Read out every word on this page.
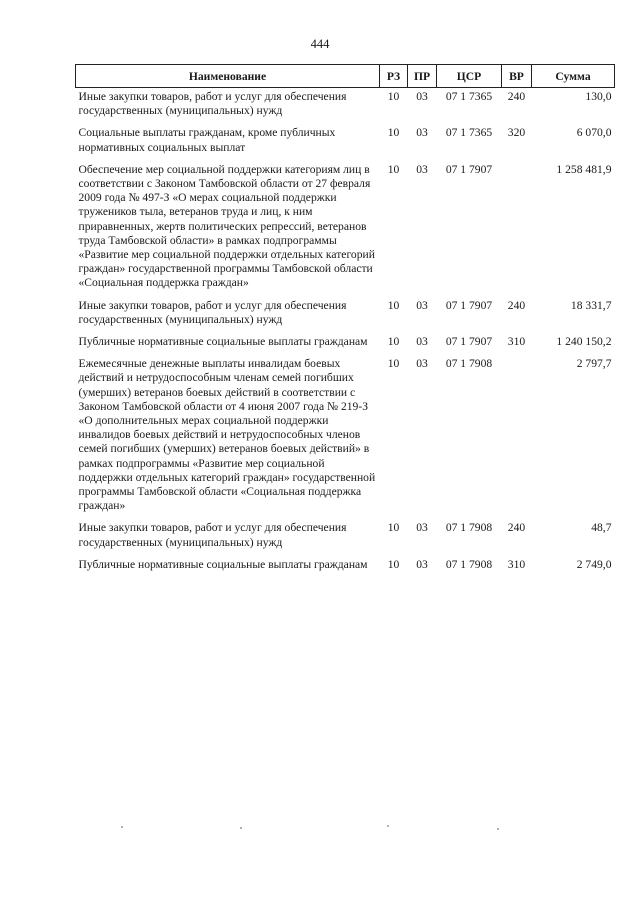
444
Наименование	РЗ	ПР	ЦСР	ВР	Сумма
Иные закупки товаров, работ и услуг для обеспечения государственных (муниципальных) нужд	10	03	07 1 7365	240	130,0
Социальные выплаты гражданам, кроме публичных нормативных социальных выплат	10	03	07 1 7365	320	6 070,0
Обеспечение мер социальной поддержки категориям лиц в соответствии с Законом Тамбовской области от 27 февраля 2009 года № 497-З «О мерах социальной поддержки тружеников тыла, ветеранов труда и лиц, к ним приравненных, жертв политических репрессий, ветеранов труда Тамбовской области» в рамках подпрограммы «Развитие мер социальной поддержки отдельных категорий граждан» государственной программы Тамбовской области «Социальная поддержка граждан»	10	03	07 1 7907		1 258 481,9
Иные закупки товаров, работ и услуг для обеспечения государственных (муниципальных) нужд	10	03	07 1 7907	240	18 331,7
Публичные нормативные социальные выплаты гражданам	10	03	07 1 7907	310	1 240 150,2
Ежемесячные денежные выплаты инвалидам боевых действий и нетрудоспособным членам семей погибших (умерших) ветеранов боевых действий в соответствии с Законом Тамбовской области от 4 июня 2007 года № 219-З «О дополнительных мерах социальной поддержки инвалидов боевых действий и нетрудоспособных членов семей погибших (умерших) ветеранов боевых действий» в рамках подпрограммы «Развитие мер социальной поддержки отдельных категорий граждан» государственной программы Тамбовской области «Социальная поддержка граждан»	10	03	07 1 7908		2 797,7
Иные закупки товаров, работ и услуг для обеспечения государственных (муниципальных) нужд	10	03	07 1 7908	240	48,7
Публичные нормативные социальные выплаты гражданам	10	03	07 1 7908	310	2 749,0
